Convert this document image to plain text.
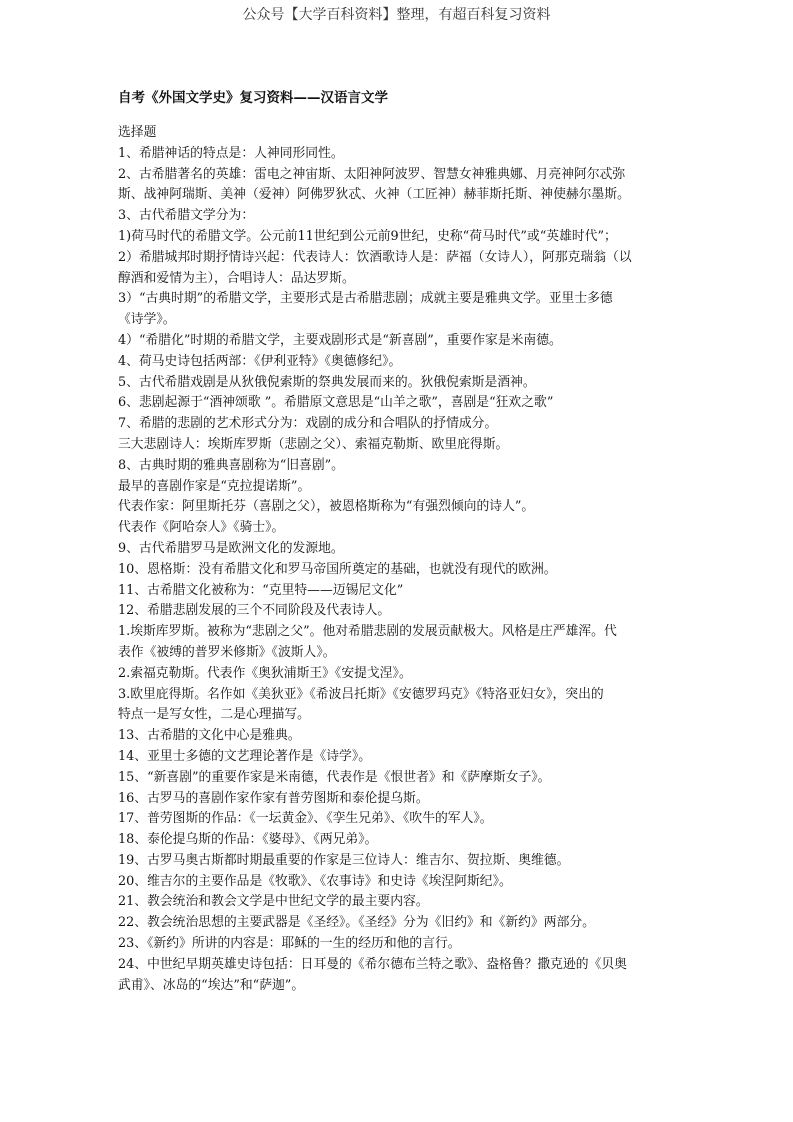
公众号【大学百科资料】整理，有超百科复习资料
自考《外国文学史》复习资料——汉语言文学
选择题
1、希腊神话的特点是：人神同形同性。
2、古希腊著名的英雄：雷电之神宙斯、太阳神阿波罗、智慧女神雅典娜、月亮神阿尔忒弥
斯、战神阿瑞斯、美神（爱神）阿佛罗狄忒、火神（工匠神）赫菲斯托斯、神使赫尔墨斯。
3、古代希腊文学分为：
1)荷马时代的希腊文学。公元前11世纪到公元前9世纪，史称“荷马时代”或“英雄时代”；
2）希腊城邦时期抒情诗兴起：代表诗人：饮酒歌诗人是：萨福（女诗人），阿那克瑞翁（以
醇酒和爱情为主），合唱诗人：品达罗斯。
3）“古典时期”的希腊文学，主要形式是古希腊悲剧；成就主要是雅典文学。亚里士多德
《诗学》。
4）“希腊化”时期的希腊文学，主要戏剧形式是“新喜剧”，重要作家是米南德。
4、荷马史诗包括两部：《伊利亚特》《奥德修纪》。
5、古代希腊戏剧是从狄俄倪索斯的祭典发展而来的。狄俄倪索斯是酒神。
6、悲剧起源于“酒神颂歌 ”。希腊原文意思是“山羊之歌”，喜剧是“狂欢之歌”
7、希腊的悲剧的艺术形式分为：戏剧的成分和合唱队的抒情成分。
三大悲剧诗人：埃斯库罗斯（悲剧之父）、索福克勒斯、欧里庇得斯。
8、古典时期的雅典喜剧称为“旧喜剧”。
最早的喜剧作家是“克拉提诺斯”。
代表作家：阿里斯托芬（喜剧之父），被恩格斯称为“有强烈倾向的诗人”。
代表作《阿哈奈人》《骑士》。
9、古代希腊罗马是欧洲文化的发源地。
10、恩格斯：没有希腊文化和罗马帝国所奠定的基础，也就没有现代的欧洲。
11、古希腊文化被称为：“克里特——迈锡尼文化”
12、希腊悲剧发展的三个不同阶段及代表诗人。
1.埃斯库罗斯。被称为“悲剧之父”。他对希腊悲剧的发展贡献极大。风格是庄严雄浑。代
表作《被缚的普罗米修斯》《波斯人》。
2.索福克勒斯。代表作《奥狄浦斯王》《安提戈涅》。
3.欧里庇得斯。名作如《美狄亚》《希波吕托斯》《安德罗玛克》《特洛亚妇女》，突出的
特点一是写女性，二是心理描写。
13、古希腊的文化中心是雅典。
14、亚里士多德的文艺理论著作是《诗学》。
15、“新喜剧”的重要作家是米南德，代表作是《恨世者》和《萨摩斯女子》。
16、古罗马的喜剧作家作家有普劳图斯和泰伦提乌斯。
17、普劳图斯的作品：《一坛黄金》、《孪生兄弟》、《吹牛的军人》。
18、泰伦提乌斯的作品：《婆母》、《两兄弟》。
19、古罗马奥古斯都时期最重要的作家是三位诗人：维吉尔、贺拉斯、奥维德。
20、维吉尔的主要作品是《牧歌》、《农事诗》和史诗《埃涅阿斯纪》。
21、教会统治和教会文学是中世纪文学的最主要内容。
22、教会统治思想的主要武器是《圣经》。《圣经》分为《旧约》和《新约》两部分。
23、《新约》所讲的内容是：耶稣的一生的经历和他的言行。
24、中世纪早期英雄史诗包括：日耳曼的《希尔德布兰特之歌》、盎格鲁？撒克逊的《贝奥
武甫》、冰岛的“埃达”和“萨迦”。
